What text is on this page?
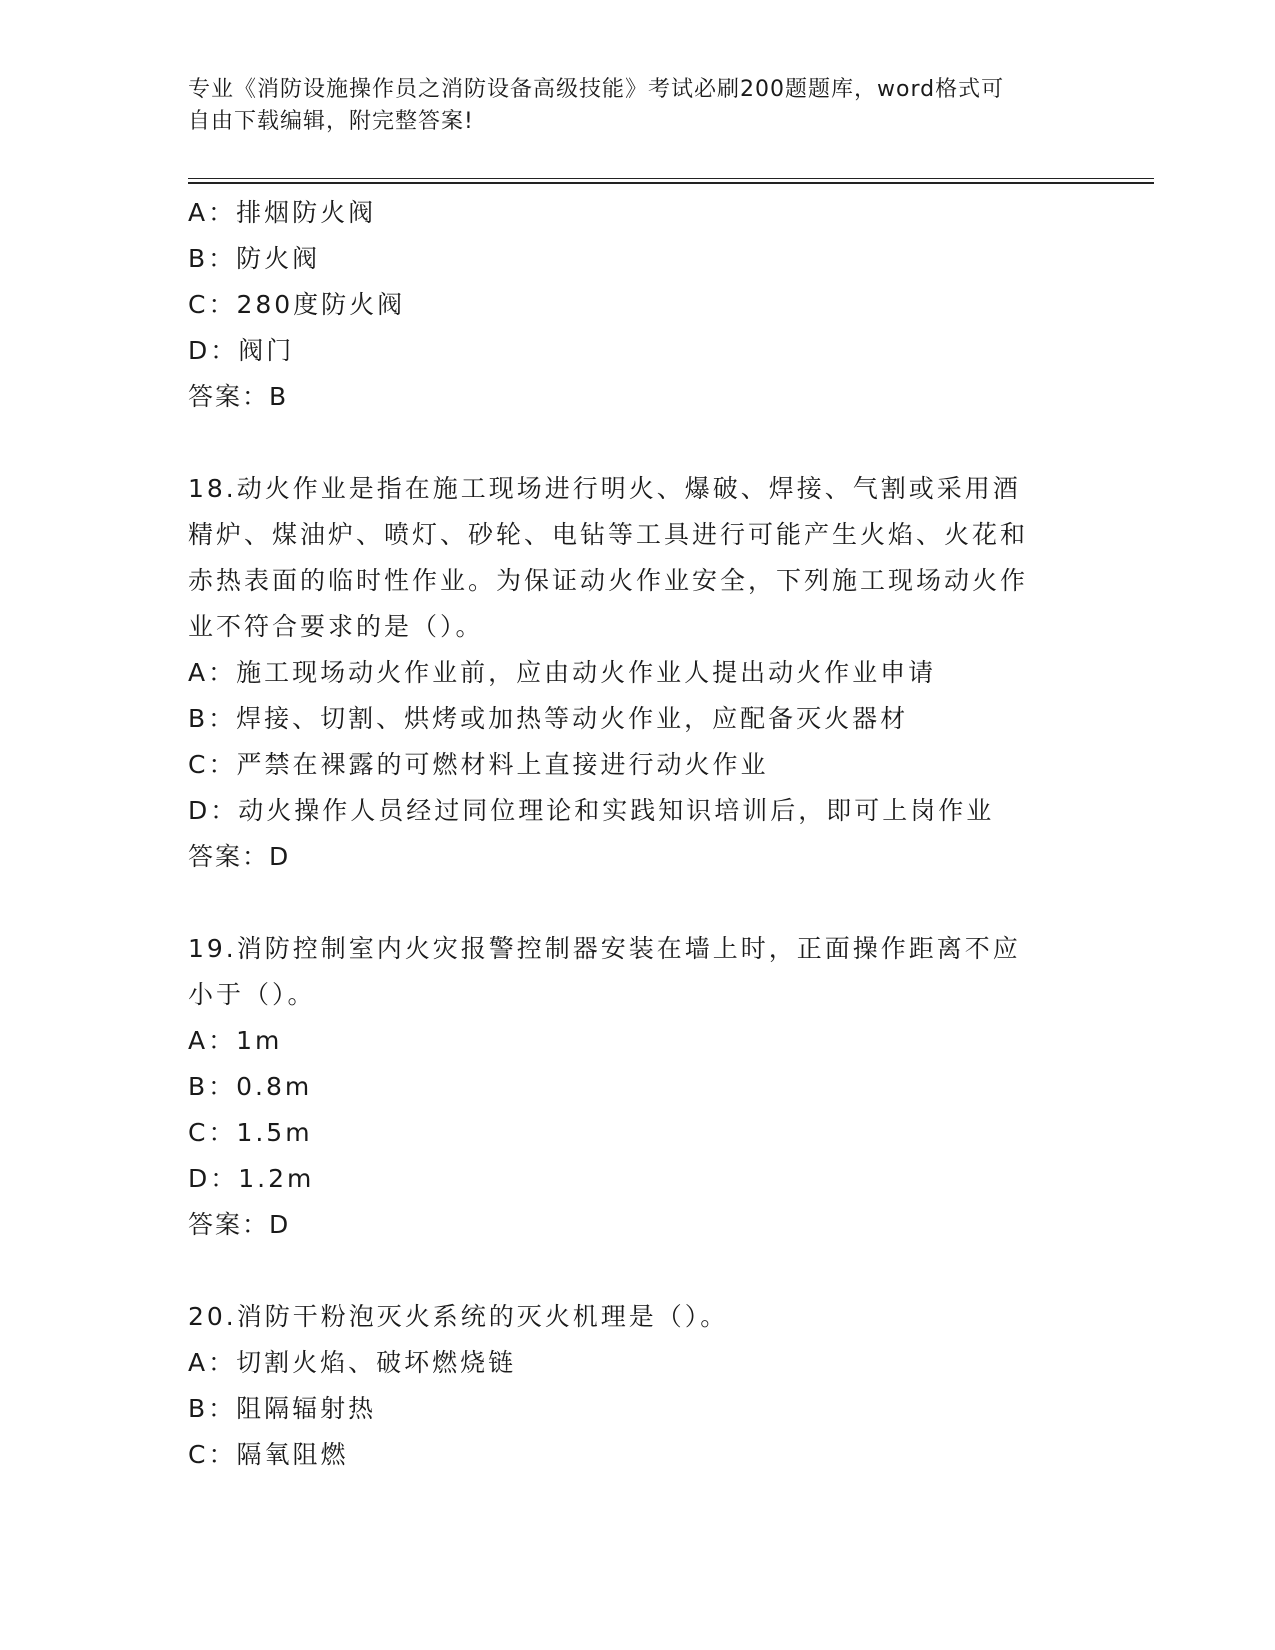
专业《消防设施操作员之消防设备高级技能》考试必刷200题题库，word格式可
自由下载编辑，附完整答案!
A：排烟防火阀
B：防火阀
C：280度防火阀
D：阀门
答案：B
18.动火作业是指在施工现场进行明火、爆破、焊接、气割或采用酒精炉、煤油炉、喷灯、砂轮、电钻等工具进行可能产生火焰、火花和赤热表面的临时性作业。为保证动火作业安全，下列施工现场动火作业不符合要求的是（）。
A：施工现场动火作业前，应由动火作业人提出动火作业申请
B：焊接、切割、烘烤或加热等动火作业，应配备灭火器材
C：严禁在裸露的可燃材料上直接进行动火作业
D：动火操作人员经过同位理论和实践知识培训后，即可上岗作业
答案：D
19.消防控制室内火灾报警控制器安装在墙上时，正面操作距离不应小于（）。
A：1m
B：0.8m
C：1.5m
D：1.2m
答案：D
20.消防干粉泡灭火系统的灭火机理是（）。
A：切割火焰、破坏燃烧链
B：阻隔辐射热
C：隔氧阻燃
